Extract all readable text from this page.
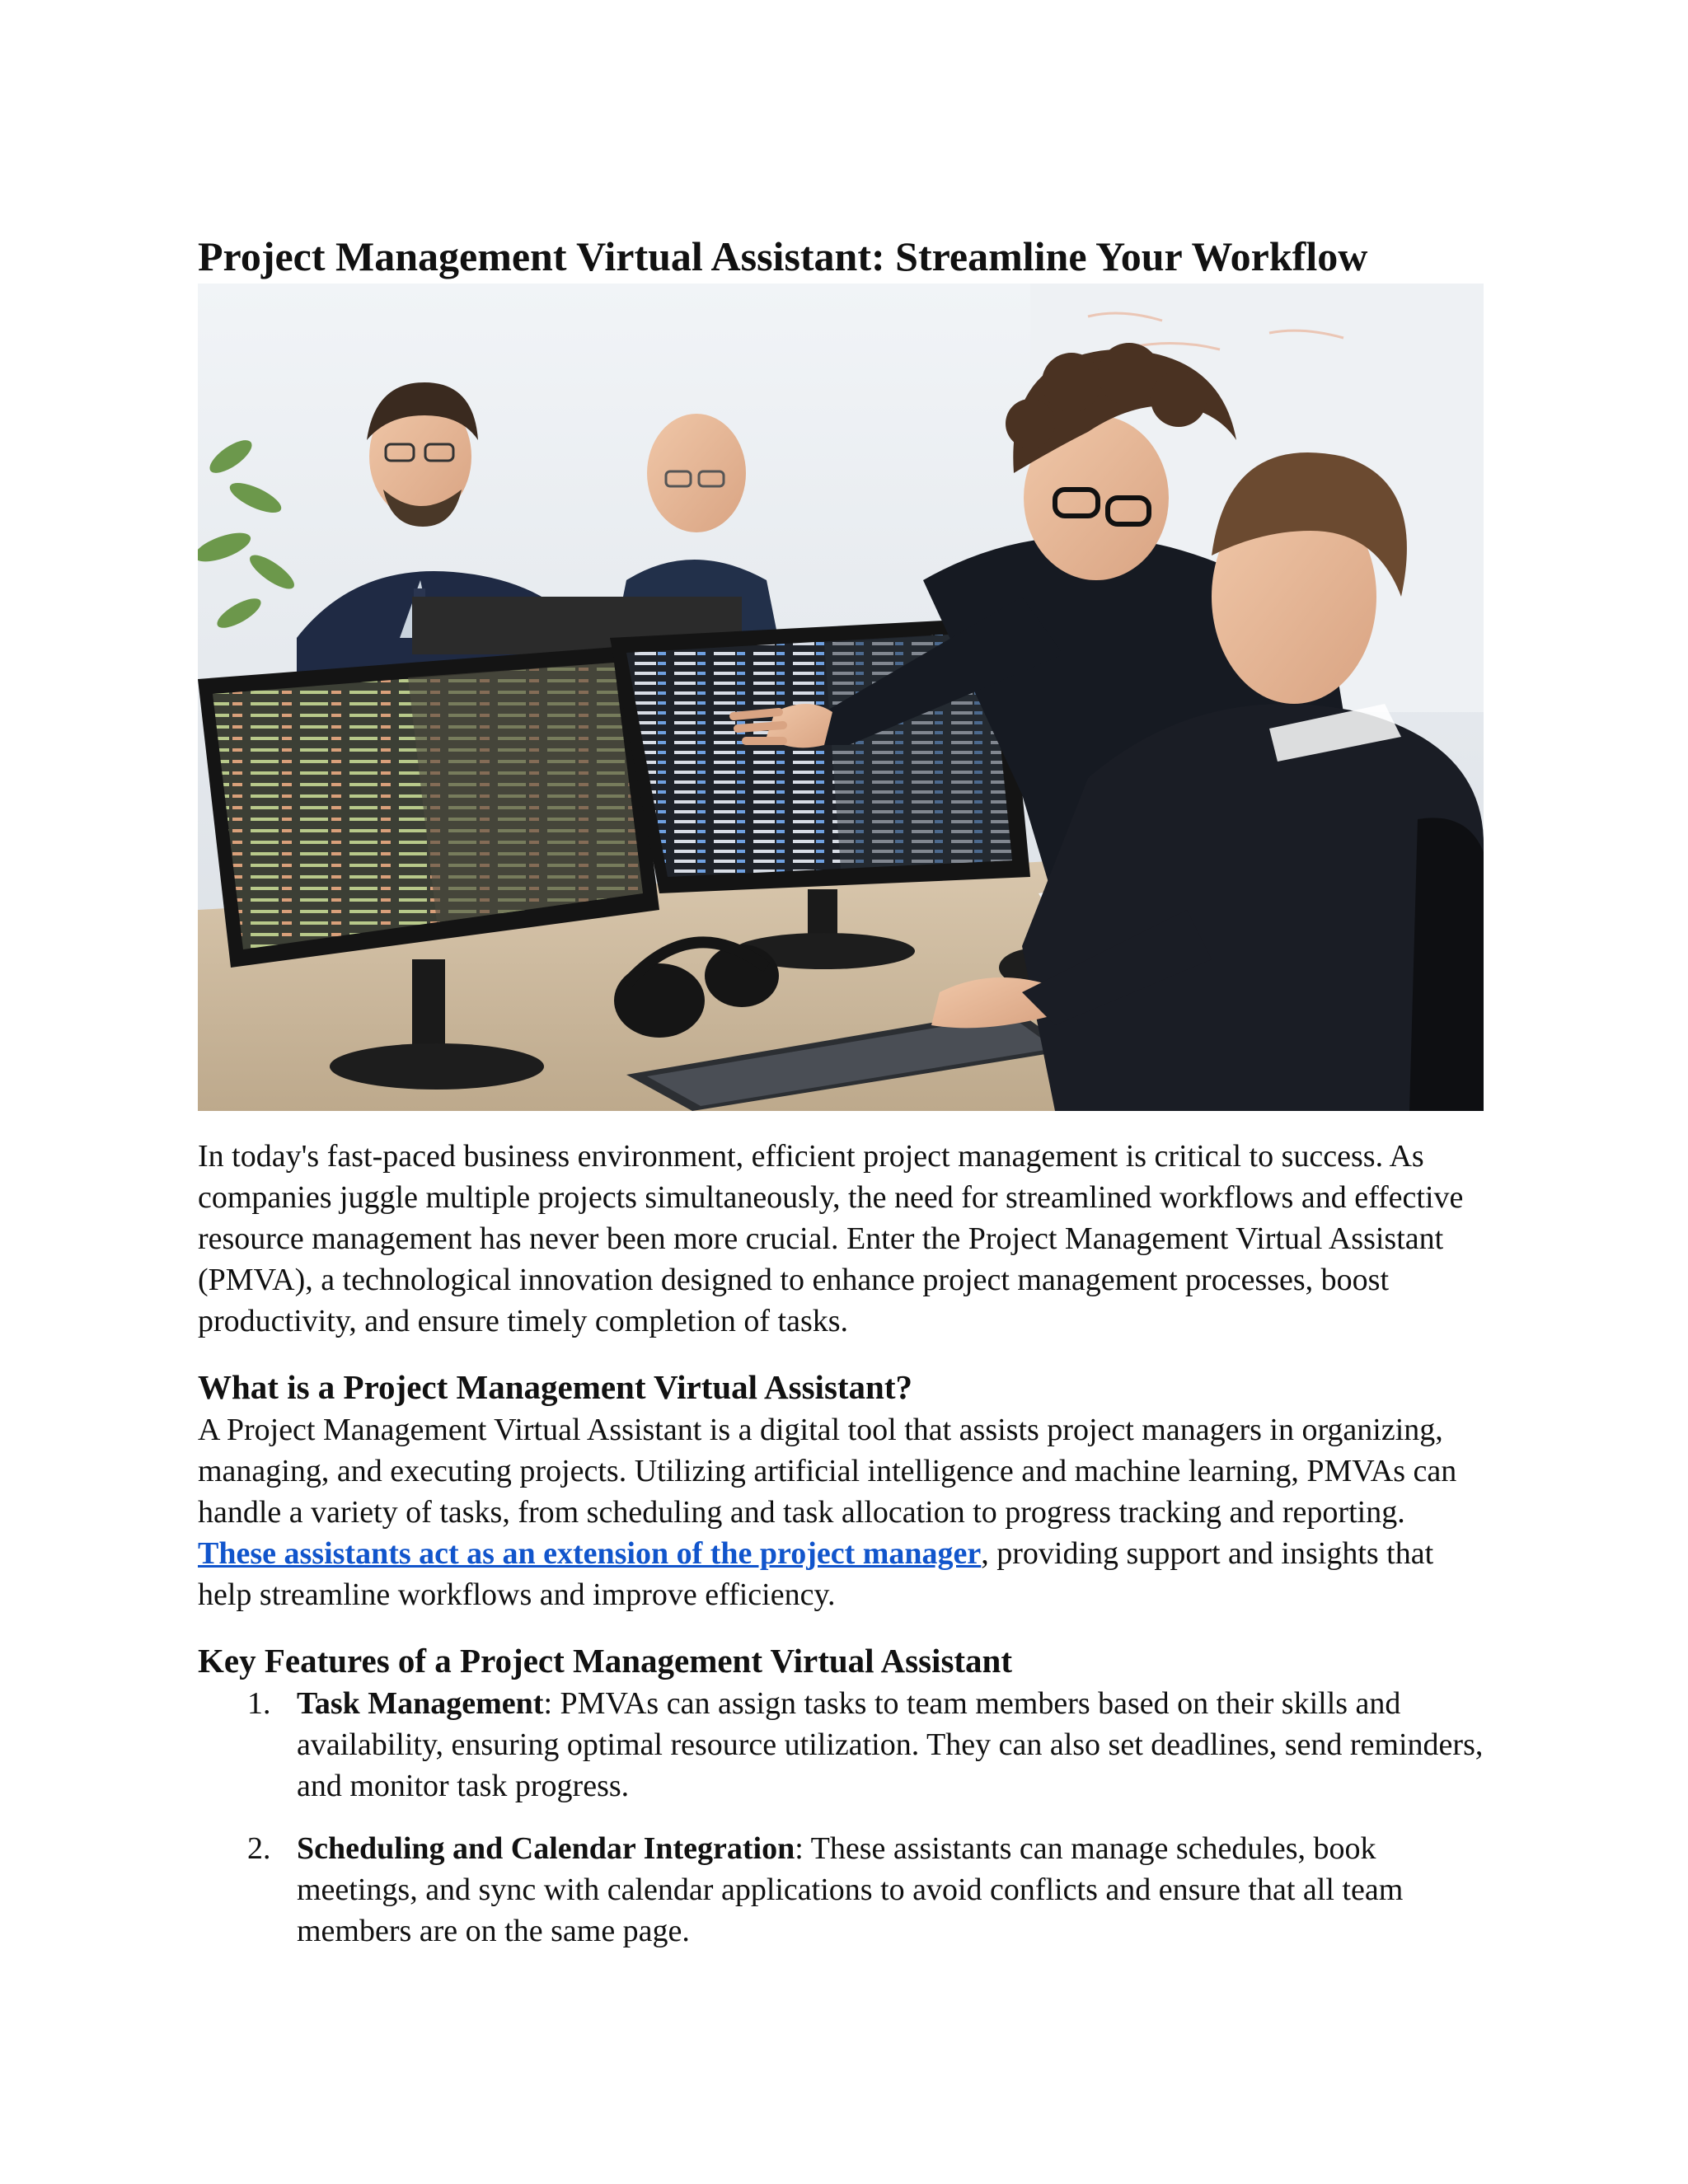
Project Management Virtual Assistant: Streamline Your Workflow

In today's fast-paced business environment, efficient project management is critical to success. As companies juggle multiple projects simultaneously, the need for streamlined workflows and effective resource management has never been more crucial. Enter the Project Management Virtual Assistant (PMVA), a technological innovation designed to enhance project management processes, boost productivity, and ensure timely completion of tasks.

What is a Project Management Virtual Assistant?

A Project Management Virtual Assistant is a digital tool that assists project managers in organizing, managing, and executing projects. Utilizing artificial intelligence and machine learning, PMVAs can handle a variety of tasks, from scheduling and task allocation to progress tracking and reporting. These assistants act as an extension of the project manager, providing support and insights that help streamline workflows and improve efficiency.

Key Features of a Project Management Virtual Assistant
1. Task Management: PMVAs can assign tasks to team members based on their skills and availability, ensuring optimal resource utilization. They can also set deadlines, send reminders, and monitor task progress.
2. Scheduling and Calendar Integration: These assistants can manage schedules, book meetings, and sync with calendar applications to avoid conflicts and ensure that all team members are on the same page.
